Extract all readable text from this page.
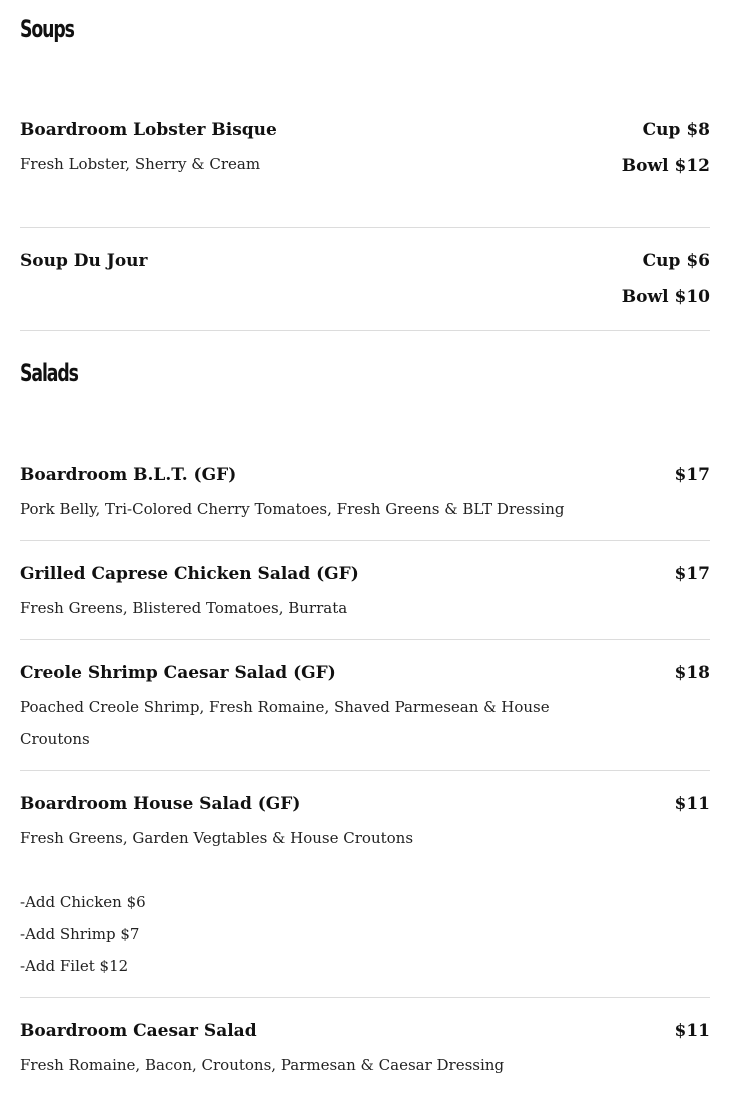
Soups
Boardroom Lobster Bisque	Cup $8 Bowl $12
Fresh Lobster, Sherry & Cream
Soup Du Jour	Cup $6 Bowl $10
Salads
Boardroom B.L.T. (GF)	$17
Pork Belly, Tri-Colored Cherry Tomatoes, Fresh Greens & BLT Dressing
Grilled Caprese Chicken Salad (GF)	$17
Fresh Greens, Blistered Tomatoes, Burrata
Creole Shrimp Caesar Salad (GF)	$18
Poached Creole Shrimp, Fresh Romaine, Shaved Parmesean & House Croutons
Boardroom House Salad (GF)	$11
Fresh Greens, Garden Vegtables & House Croutons
-Add Chicken $6
-Add Shrimp $7
-Add Filet $12
Boardroom Caesar Salad	$11
Fresh Romaine, Bacon, Croutons, Parmesan & Caesar Dressing
